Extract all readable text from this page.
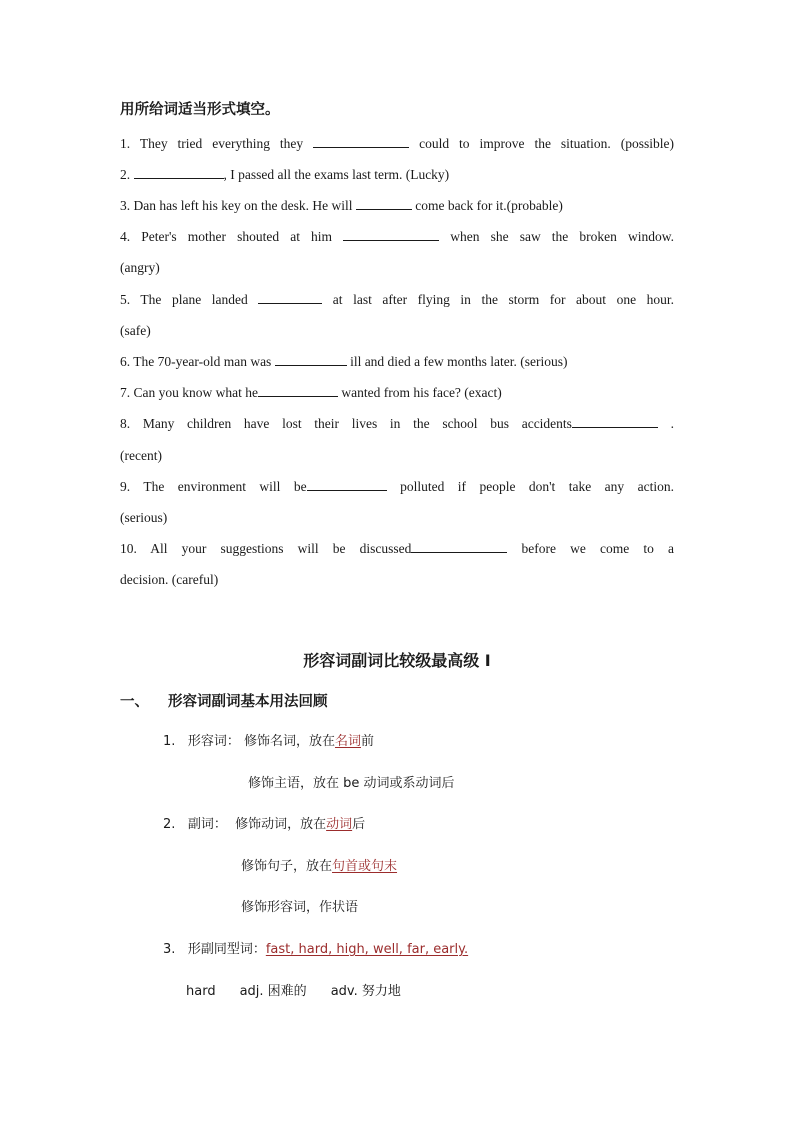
用所给词适当形式填空。
1. They tried everything they	could to improve the situation. (possible)
2.	, I passed all the exams last term. (Lucky)
3. Dan has left his key on the desk. He will	come back for it.(probable)
4. Peter's mother shouted at him	when she saw the broken window.
(angry)
5. The plane landed	at last after flying in the storm for about one hour.
(safe)
6. The 70-year-old man was	ill and died a few months later. (serious)
7. Can you know what he	wanted from his face? (exact)
8. Many children have lost their lives in the school bus accidents	.
(recent)
9. The environment will be	polluted if people don't take any action.
(serious)
10. All your suggestions will be discussed	before we come to a
decision. (careful)
形容词副词比较级最高级 Ⅰ
一、 形容词副词基本用法回顾
1. 形容词： 修饰名词，放在名词前
修饰主语，放在 be 动词或系动词后
2. 副词： 修饰动词，放在动词后
修饰句子，放在句首或句末
修饰形容词，作状语
3. 形副同型词：fast, hard, high, well, far, early.
hard adj. 困难的 adv. 努力地
